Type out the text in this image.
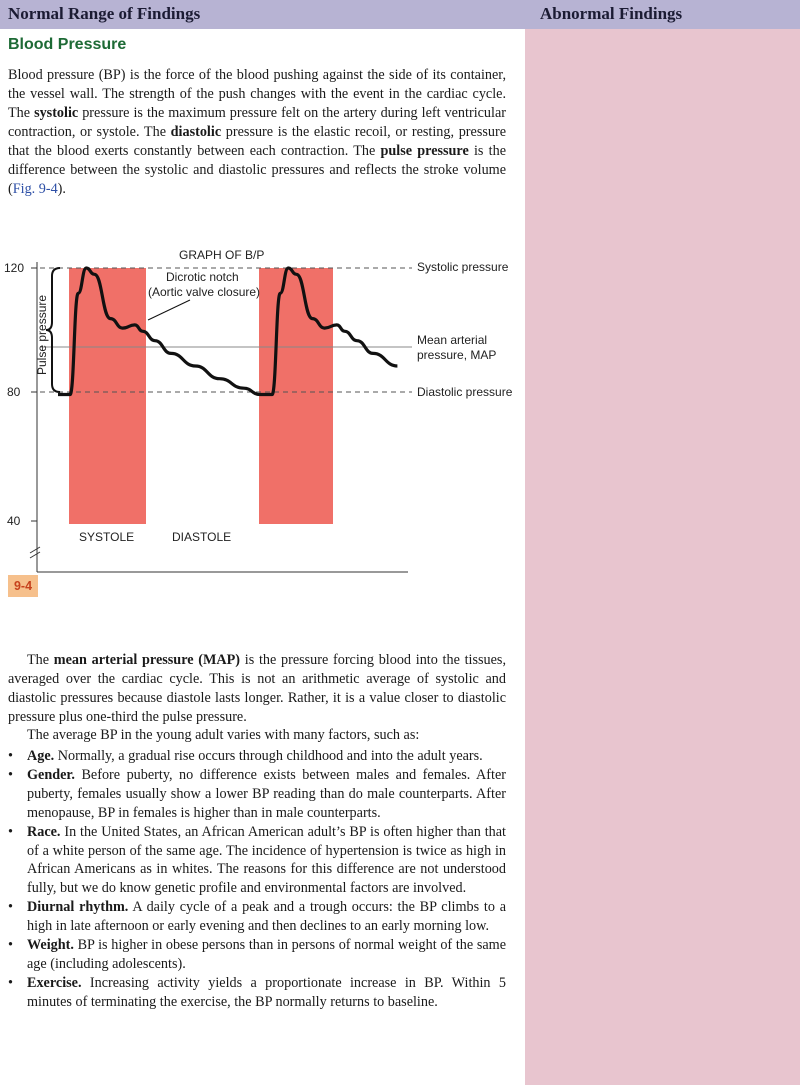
Normal Range of Findings	Abnormal Findings
Blood Pressure

Blood pressure (BP) is the force of the blood pushing against the side of its container, the vessel wall. The strength of the push changes with the event in the cardiac cycle. The systolic pressure is the maximum pressure felt on the artery during left ventricular contraction, or systole. The diastolic pressure is the elastic recoil, or resting, pressure that the blood exerts constantly between each contraction. The pulse pressure is the difference between the systolic and diastolic pressures and reflects the stroke volume (Fig. 9-4).

120
80
40
Pulse pressure
GRAPH OF B/P
Systolic pressure
Dicrotic notch
(Aortic valve closure)
Mean arterial
pressure, MAP
Diastolic pressure
SYSTOLE	DIASTOLE
9-4

The mean arterial pressure (MAP) is the pressure forcing blood into the tissues, averaged over the cardiac cycle. This is not an arithmetic average of systolic and diastolic pressures because diastole lasts longer. Rather, it is a value closer to diastolic pressure plus one-third the pulse pressure.

The average BP in the young adult varies with many factors, such as:

• Age. Normally, a gradual rise occurs through childhood and into the adult years.
• Gender. Before puberty, no difference exists between males and females. After puberty, females usually show a lower BP reading than do male counterparts. After menopause, BP in females is higher than in male counterparts.
• Race. In the United States, an African American adult’s BP is often higher than that of a white person of the same age. The incidence of hypertension is twice as high in African Americans as in whites. The reasons for this difference are not understood fully, but we do know genetic profile and environmental factors are involved.
• Diurnal rhythm. A daily cycle of a peak and a trough occurs: the BP climbs to a high in late afternoon or early evening and then declines to an early morning low.
• Weight. BP is higher in obese persons than in persons of normal weight of the same age (including adolescents).
• Exercise. Increasing activity yields a proportionate increase in BP. Within 5 minutes of terminating the exercise, the BP normally returns to baseline.
